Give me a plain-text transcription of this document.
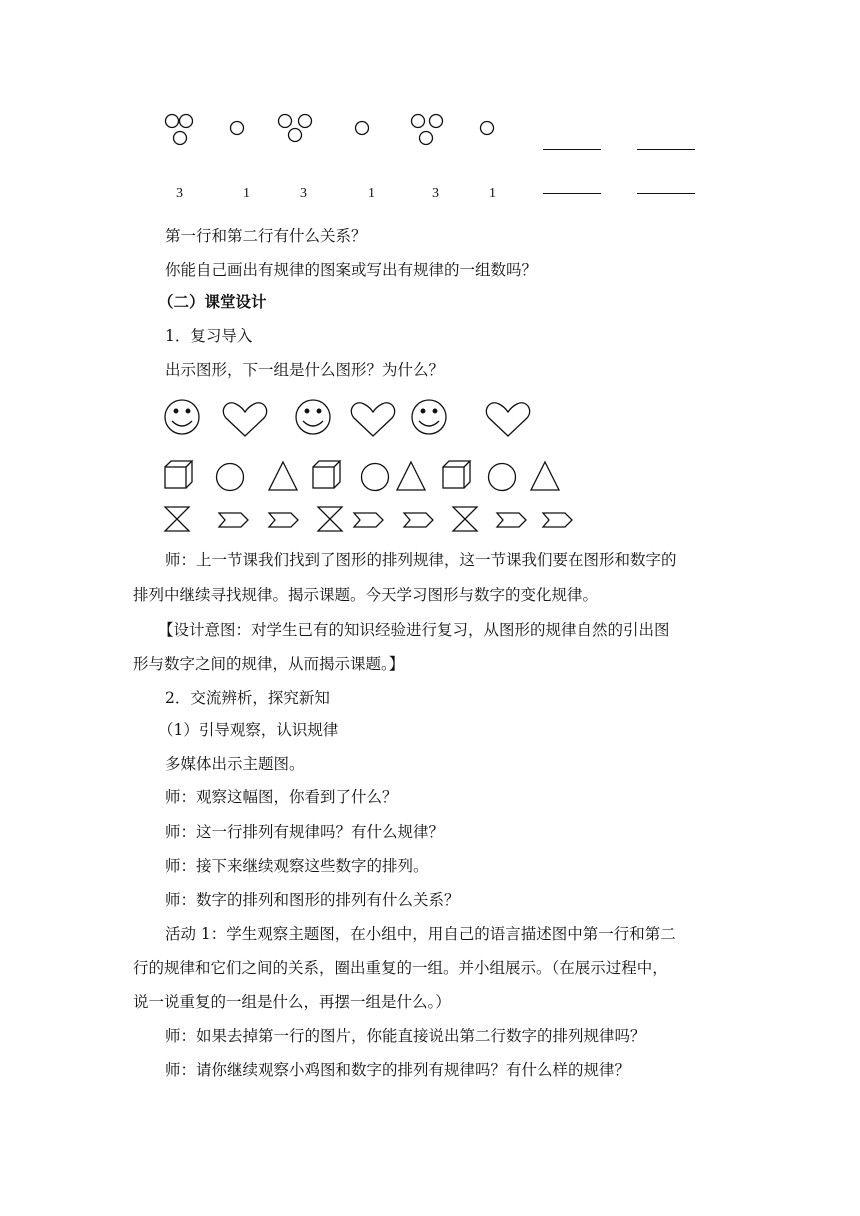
3	1	3	1	3	1
第一行和第二行有什么关系？
你能自己画出有规律的图案或写出有规律的一组数吗？
（二）课堂设计
1．复习导入
出示图形，下一组是什么图形？为什么？
师：上一节课我们找到了图形的排列规律，这一节课我们要在图形和数字的
排列中继续寻找规律。揭示课题。今天学习图形与数字的变化规律。
【设计意图：对学生已有的知识经验进行复习，从图形的规律自然的引出图
形与数字之间的规律，从而揭示课题。】
2．交流辨析，探究新知
（1）引导观察，认识规律
多媒体出示主题图。
师：观察这幅图，你看到了什么？
师：这一行排列有规律吗？有什么规律？
师：接下来继续观察这些数字的排列。
师：数字的排列和图形的排列有什么关系？
活动 1：学生观察主题图，在小组中，用自己的语言描述图中第一行和第二
行的规律和它们之间的关系，圈出重复的一组。并小组展示。（在展示过程中，
说一说重复的一组是什么，再摆一组是什么。）
师：如果去掉第一行的图片，你能直接说出第二行数字的排列规律吗？
师：请你继续观察小鸡图和数字的排列有规律吗？有什么样的规律？
